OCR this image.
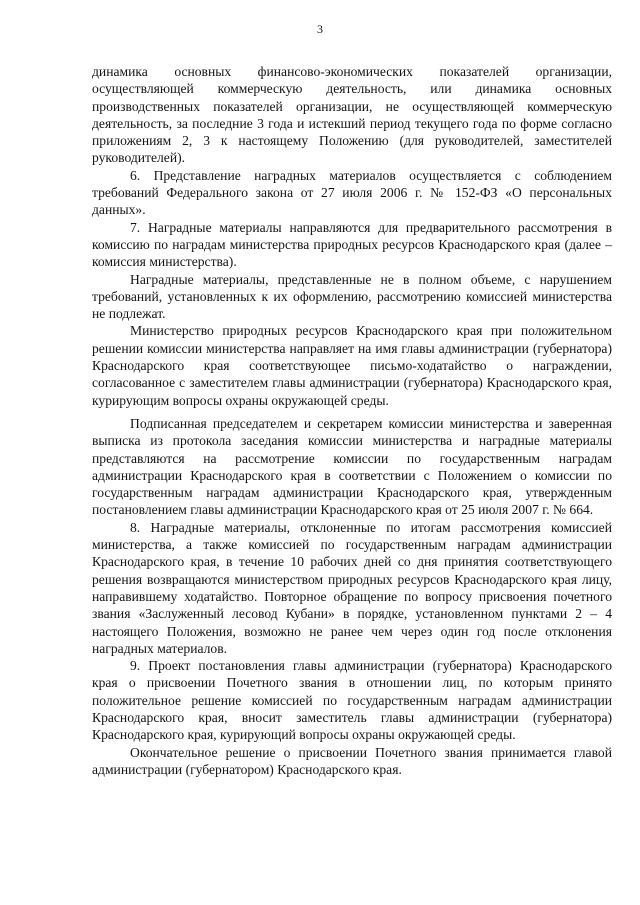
3

динамика основных финансово-экономических показателей организации, осуществляющей коммерческую деятельность, или динамика основных производственных показателей организации, не осуществляющей коммерческую деятельность, за последние 3 года и истекший период текущего года по форме согласно приложениям 2, 3 к настоящему Положению (для руководителей, заместителей руководителей).

6. Представление наградных материалов осуществляется с соблюдением требований Федерального закона от 27 июля 2006 г. № 152-ФЗ «О персональных данных».

7. Наградные материалы направляются для предварительного рассмотрения в комиссию по наградам министерства природных ресурсов Краснодарского края (далее – комиссия министерства).

Наградные материалы, представленные не в полном объеме, с нарушением требований, установленных к их оформлению, рассмотрению комиссией министерства не подлежат.

Министерство природных ресурсов Краснодарского края при положительном решении комиссии министерства направляет на имя главы администрации (губернатора) Краснодарского края соответствующее письмо-ходатайство о награждении, согласованное с заместителем главы администрации (губернатора) Краснодарского края, курирующим вопросы охраны окружающей среды.

Подписанная председателем и секретарем комиссии министерства и заверенная выписка из протокола заседания комиссии министерства и наградные материалы представляются на рассмотрение комиссии по государственным наградам администрации Краснодарского края в соответствии с Положением о комиссии по государственным наградам администрации Краснодарского края, утвержденным постановлением главы администрации Краснодарского края от 25 июля 2007 г. № 664.

8. Наградные материалы, отклоненные по итогам рассмотрения комиссией министерства, а также комиссией по государственным наградам администрации Краснодарского края, в течение 10 рабочих дней со дня принятия соответствующего решения возвращаются министерством природных ресурсов Краснодарского края лицу, направившему ходатайство. Повторное обращение по вопросу присвоения почетного звания «Заслуженный лесовод Кубани» в порядке, установленном пунктами 2 – 4 настоящего Положения, возможно не ранее чем через один год после отклонения наградных материалов.

9. Проект постановления главы администрации (губернатора) Краснодарского края о присвоении Почетного звания в отношении лиц, по которым принято положительное решение комиссией по государственным наградам администрации Краснодарского края, вносит заместитель главы администрации (губернатора) Краснодарского края, курирующий вопросы охраны окружающей среды.

Окончательное решение о присвоении Почетного звания принимается главой администрации (губернатором) Краснодарского края.
